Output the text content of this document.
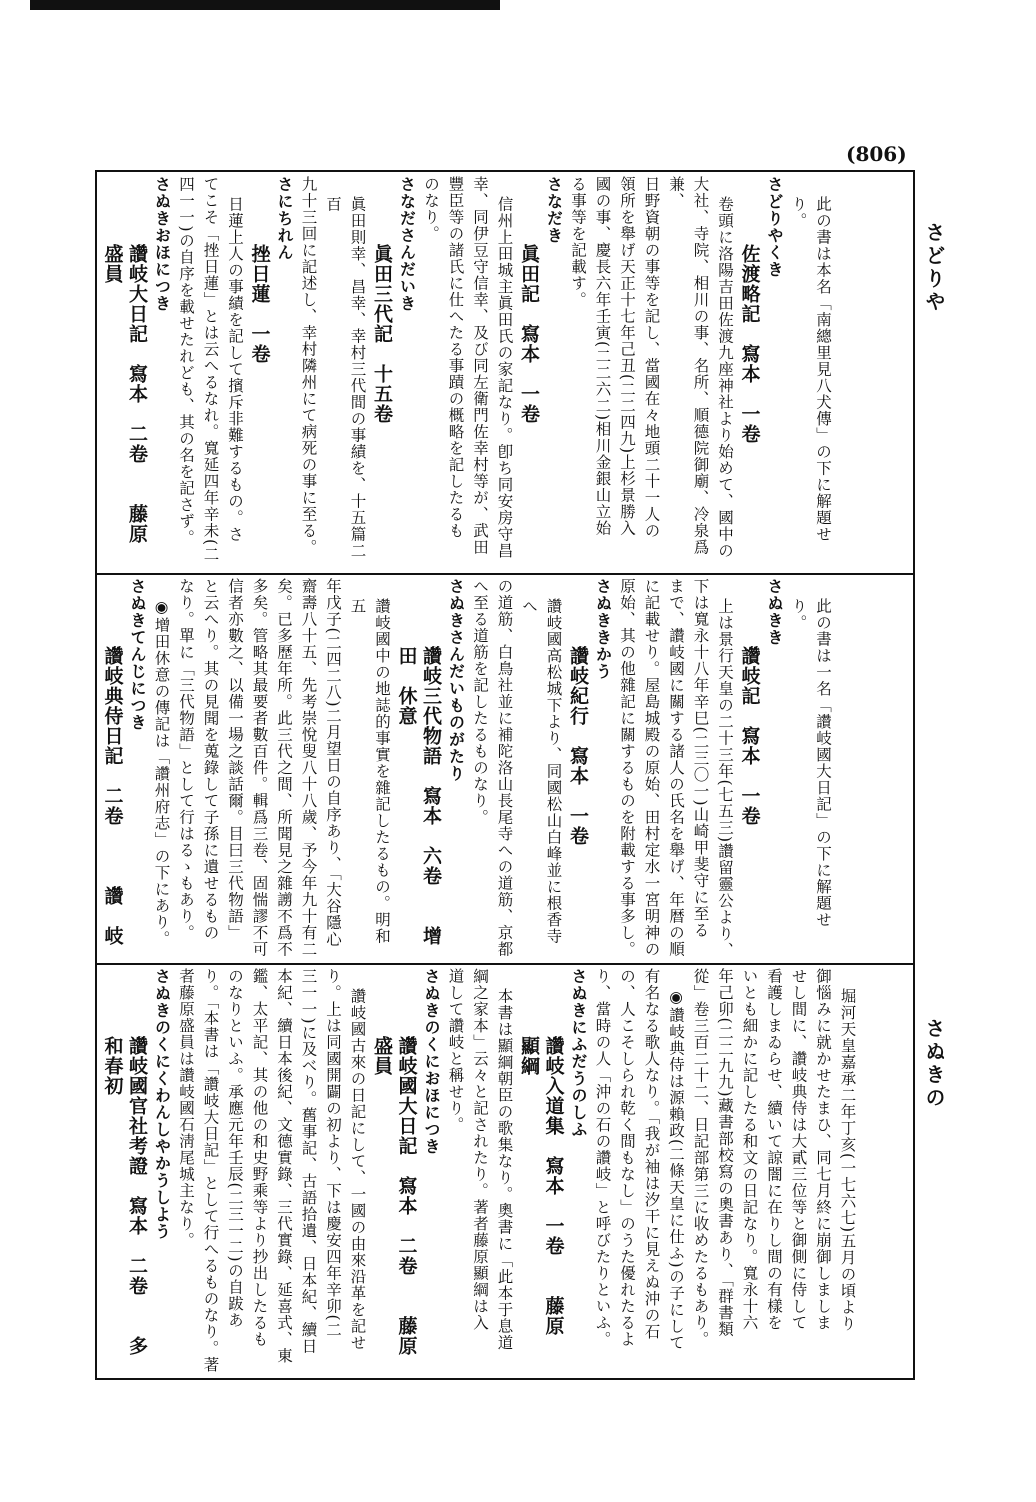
(806)
さどりや
さぬきの

此の書は本名「南總里見八犬傳」の下に解題せり。

さどりやくき

佐渡略記　寫本　一卷

卷頭に洛陽吉田佐渡九座神社より始めて、國中の

大社、寺院、相川の事、名所、順德院御廟、冷泉爲兼、

日野資朝の事等を記し、當國在々地頭二十一人の

領所を舉げ天正十七年己丑(二二四九)上杉景勝入

國の事、慶長六年壬寅(二二六二)相川金銀山立始

る事等を記載す。

さなだき

眞田記　寫本　一卷

信州上田城主眞田氏の家記なり。卽ち同安房守昌

幸、同伊豆守信幸、及び同左衛門佐幸村等が、武田

豐臣等の諸氏に仕へたる事蹟の概略を記したるも

のなり。

さなださんだいき

眞田三代記　十五卷

眞田則幸、昌幸、幸村三代間の事績を、十五篇二百

九十三回に記述し、幸村隣州にて病死の事に至る。

さにちれん

挫日蓮　一卷

日蓮上人の事績を記して擯斥非難するもの。さ

てこそ「挫日蓮」とは云へるなれ。寬延四年辛未(二

四一一)の自序を載せたれども、其の名を記さず。

さぬきおほにつき

讚岐大日記　寫本　二卷　　藤原　盛員

此の書は一名「讚岐國大日記」の下に解題せり。

さぬきき

讚岐記　寫本　一卷

上は景行天皇の二十三年(七五三)讚留靈公より、

下は寬永十八年辛巳(二三〇一)山崎甲斐守に至る

まで、讚岐國に關する諸人の氏名を舉げ、年暦の順

に記載せり。屋島城殿の原始、田村定水一宮明神の

原始、其の他雜記に關するものを附載する事多し。

さぬききかう

讚岐紀行　寫本　一卷

讚岐國高松城下より、同國松山白峰並に根香寺へ

の道筋、白鳥社並に補陀洛山長尾寺への道筋、京都

へ至る道筋を記したるものなり。

さぬきさんだいものがたり

讚岐三代物語　寫本　六卷　　增田　休意

讚岐國中の地誌的事實を雜記したるもの。明和五

年戊子(二四二八)二月望日の自序あり、「大谷隱心

齋壽八十五、先考崇悅叟八十八歲、予今年九十有二

矣。已多歷年所。此三代之間、所聞見之雜謭不爲不

多矣。管略其最要者數百件。輯爲三卷、固惴謬不可

信者亦數之、以備一場之談話爾。目曰三代物語」

と云へり。其の見聞を蒐錄して子孫に遺せるもの

なり。單に「三代物語」として行はるゝもあり。

◉增田休意の傳記は「讚州府志」の下にあり。

さぬきてんじにつき

讚岐典侍日記　二卷　　　讚　岐

堀河天皇嘉承二年丁亥(一七六七)五月の頃より

御惱みに就かせたまひ、同七月終に崩御しましま

せし間に、讚岐典侍は大貳三位等と御側に侍して

看護しまゐらせ、續いて諒闇に在りし間の有樣を

いとも細かに記したる和文の日記なり。寬永十六

年己卯(二二九九)藏書部校寫の奧書あり、「群書類

從」卷三百二十二、日記部第三に收めたるもあり。

◉讚岐典侍は源賴政(二條天皇に仕ふ)の子にして

有名なる歌人なり。「我が袖は汐干に見えぬ沖の石

の、人こそしられ乾く間もなし」のうた優れたるよ

り、當時の人「沖の石の讚岐」と呼びたりといふ。

さぬきにふだうのしふ

讚岐入道集　寫本　一卷　　藤原　顯綱

本書は顯綱朝臣の歌集なり。奧書に「此本于息道

綱之家本」云々と記されたり。著者藤原顯綱は入

道して讚岐と稱せり。

さぬきのくにおほにつき

讚岐國大日記　寫本　二卷　　藤原　盛員

讚岐國古來の日記にして、一國の由來沿革を記せ

り。上は同國開闢の初より、下は慶安四年辛卯(二

三一一)に及べり。舊事記、古語拾遺、日本紀、續日

本紀、續日本後紀、文德實錄、三代實錄、延喜式、東

鑑、太平記、其の他の和史野乘等より抄出したるも

のなりといふ。承應元年壬辰(二三一二)の自跋あ

り。「本書は「讚岐大日記」として行へるものなり。著

者藤原盛員は讚岐國石淸尾城主なり。

さぬきのくにくわんしやかうしよう

讚岐國官社考證　寫本　二卷　　多和春初
